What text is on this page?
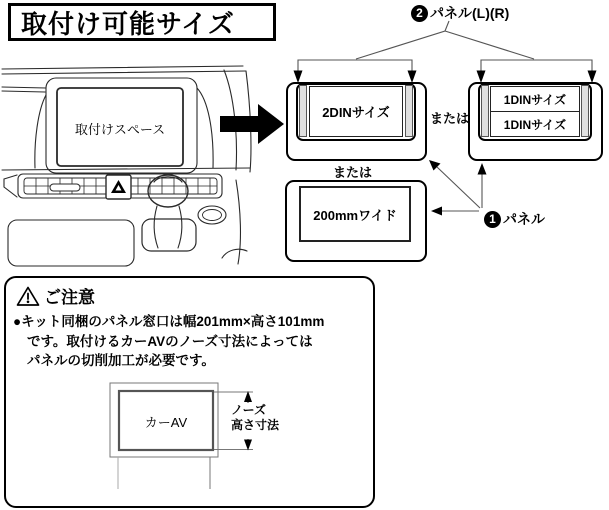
取付け可能サイズ	2 パネル(L)(R)
取付けスペース
2DINサイズ
1DINサイズ
1DINサイズ
または
または
200mmワイド	1 パネル
ご注意
●キット同梱のパネル窓口は幅201mm×高さ101mm
です。取付けるカーAVのノーズ寸法によっては
パネルの切削加工が必要です。
カーAV
ノーズ
高さ寸法
